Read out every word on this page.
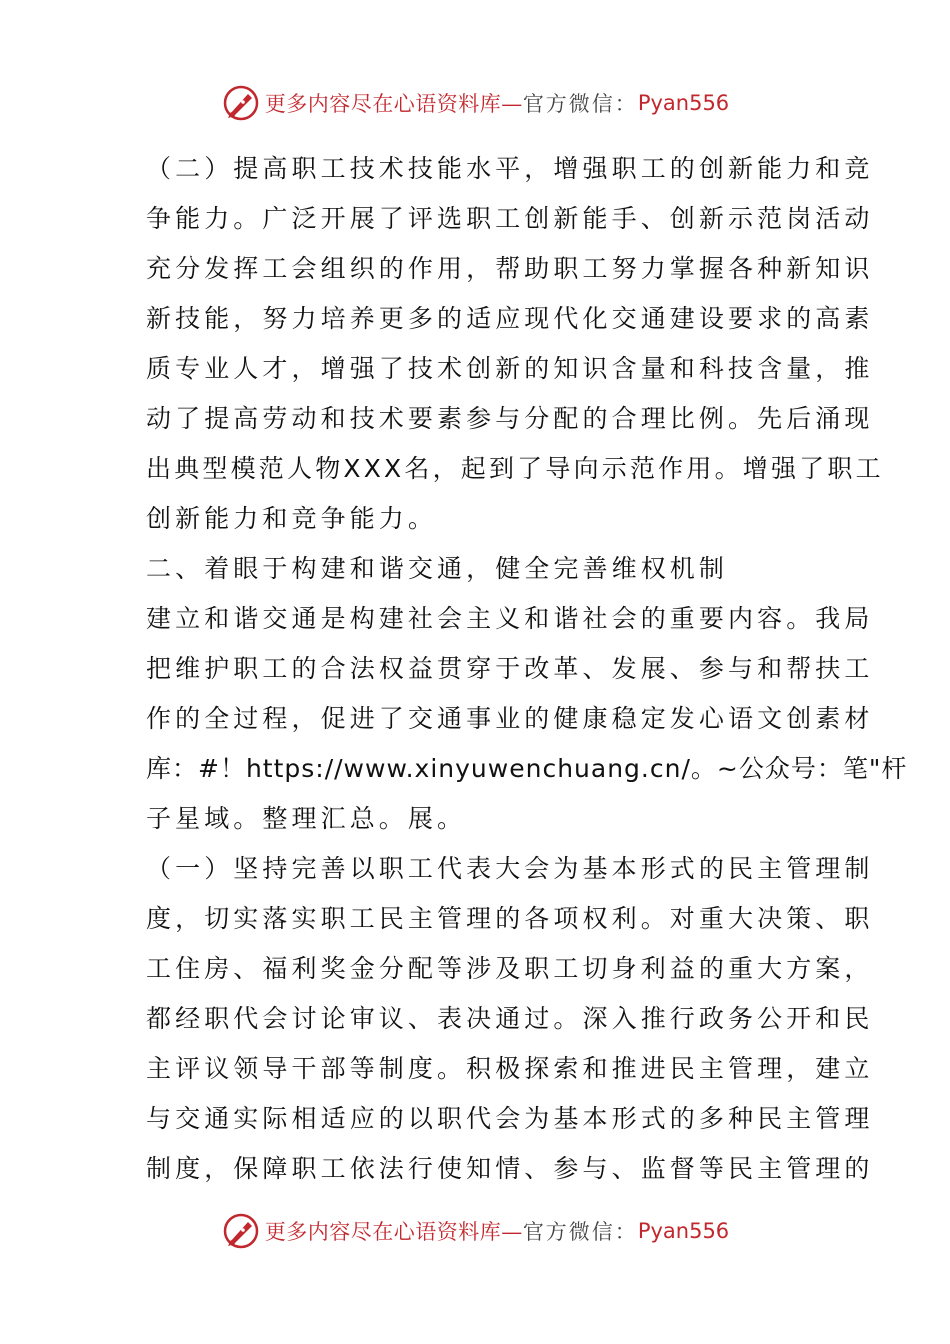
更多内容尽在心语资料库— 官方微信： Pyan556
（二）提高职工技术技能水平，增强职工的创新能力和竞
争能力。广泛开展了评选职工创新能手、创新示范岗活动
充分发挥工会组织的作用，帮助职工努力掌握各种新知识
新技能，努力培养更多的适应现代化交通建设要求的高素
质专业人才，增强了技术创新的知识含量和科技含量，推
动了提高劳动和技术要素参与分配的合理比例。先后涌现
出典型模范人物XXX名，起到了导向示范作用。增强了职工
创新能力和竞争能力。
二、着眼于构建和谐交通，健全完善维权机制
建立和谐交通是构建社会主义和谐社会的重要内容。我局
把维护职工的合法权益贯穿于改革、发展、参与和帮扶工
作的全过程，促进了交通事业的健康稳定发心语文创素材
库：#！https://www.xinyuwenchuang.cn/。~公众号：笔"杆
子星域。整理汇总。展。
（一）坚持完善以职工代表大会为基本形式的民主管理制
度，切实落实职工民主管理的各项权利。对重大决策、职
工住房、福利奖金分配等涉及职工切身利益的重大方案，
都经职代会讨论审议、表决通过。深入推行政务公开和民
主评议领导干部等制度。积极探索和推进民主管理，建立
与交通实际相适应的以职代会为基本形式的多种民主管理
制度，保障职工依法行使知情、参与、监督等民主管理的
更多内容尽在心语资料库— 官方微信： Pyan556
